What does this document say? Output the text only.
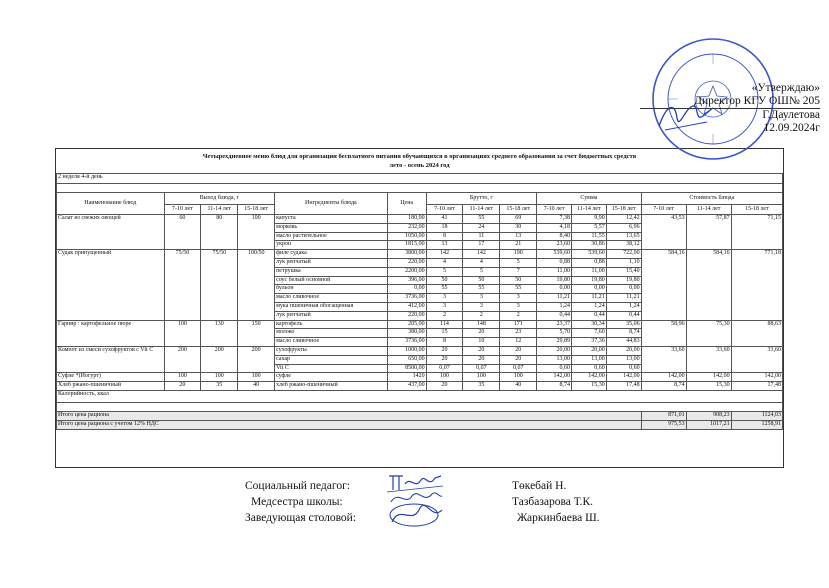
«Утверждаю»
Директор КГУ ОШ№ 205
Г.Даулетова
12.09.2024г
Четырехдневное меню блюд для организации бесплатного питания обучающихся в организациях среднего образования за счет бюджетных средств
лето - осень 2024 год
2 неделя 4-й день														

Наименование блюд	Выход блюда, г			Ингредиенты блюда	Цена	Брутто, г			Сумма			Стоимость блюда		
	7-10 лет	11-14 лет	15-18 лет			7-10 лет	11-14 лет	15-18 лет	7-10 лет	11-14 лет	15-18 лет	7-10 лет	11-14 лет	15-18 лет
Салат из свежих овощей	60	80	100	капуста	180,00	41	55	69	7,38	9,90	12,42	43,53	57,87	71,15
				морковь	232,00	18	24	30	4,18	5,57	6,96			
				масло растительное	1050,00	8	11	13	8,40	11,55	13,65			
				укроп	1815,00	13	17	21	23,60	30,86	38,12			
Судак припущенный	75/50	75/50	100/50	филе судака	3800,00	142	142	190	539,60	539,60	722,00	584,16	584,16	771,18
				лук репчатый	220,00	4	4	5	0,88	0,88	1,10			
				петрушка	2200,00	5	5	7	11,00	11,00	15,40			
				соус белый основной	396,00	50	50	50	19,80	19,80	19,80			
				бульон	0,00	55	55	55	0,00	0,00	0,00			
				масло сливочное	3736,00	3	3	3	11,21	11,21	11,21			
				мука пшеничная обогащенная	412,00	3	3	3	1,24	1,24	1,24			
				лук репчатый	220,00	2	2	2	0,44	0,44	0,44			
Гарнир : картофельное пюре	100	130	150	картофель	205,00	114	148	171	23,37	30,34	35,06	58,96	75,30	88,63
				молоко	380,00	15	20	23	5,70	7,60	8,74			
				масло сливочное	3736,00	8	10	12	29,89	37,36	44,83			
Компот из смеси сухофруктов с Vit C	200	200	200	сухофрукты	1000,00	20	20	20	20,00	20,00	20,00	33,60	33,60	33,60
				сахар	650,00	20	20	20	13,00	13,00	13,00			
				Vit C	8500,00	0,07	0,07	0,07	0,60	0,60	0,60			
Суфле *(Йогурт)	100	100	100	суфле	1420	100	100	100	142,00	142,00	142,00	142,00	142,00	142,00
Хлеб ржано-пшеничный	20	35	40	хлеб ржано-пшеничный	437,00	20	35	40	8,74	15,30	17,48	8,74	15,30	17,48
Калорийность, ккал														

Итого цена рациона												871,01	908,23	1124,03
Итого цена рациона с учетом 12% НДС												975,53	1017,21	1258,91
Социальный педагог:	Төкебай Н.
Медсестра школы:	Тазбазарова Т.К.
Заведующая столовой:	Жаркинбаева Ш.
